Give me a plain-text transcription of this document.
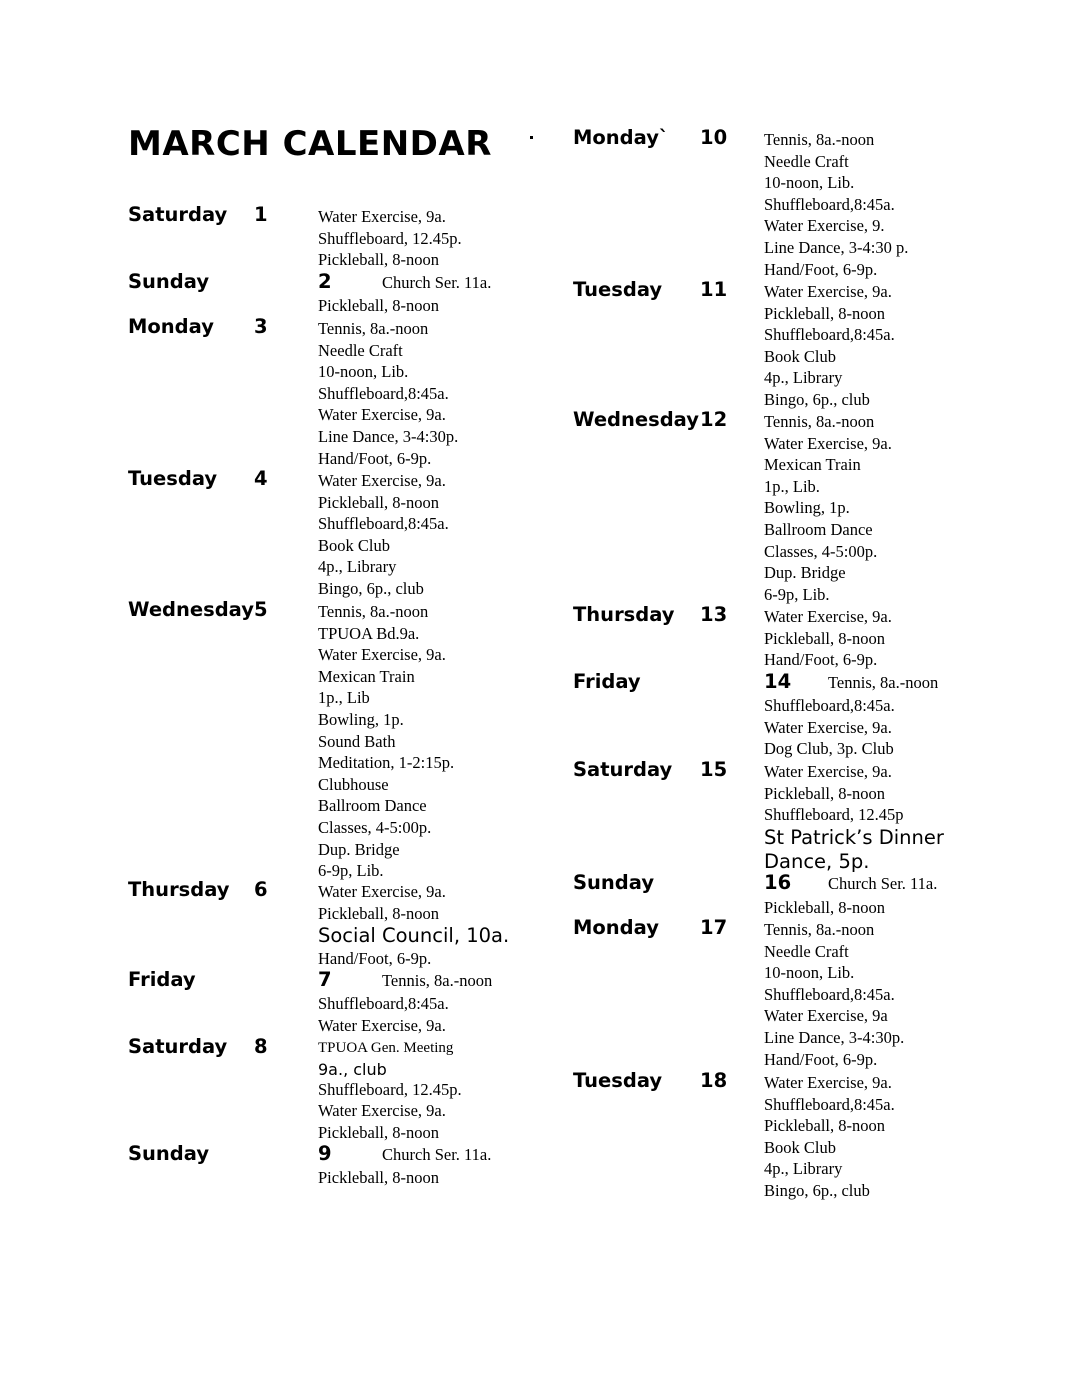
MARCH CALENDAR
Saturday 1	Water Exercise, 9a.
Shuffleboard, 12.45p.
Pickleball, 8-noon
Sunday	2	Church Ser. 11a.
Pickleball, 8-noon
Monday 3	Tennis, 8a.-noon
Needle Craft
10-noon, Lib.
Shuffleboard,8:45a.
Water Exercise, 9a.
Line Dance, 3-4:30p.
Hand/Foot, 6-9p.
Tuesday 4	Water Exercise, 9a.
Pickleball, 8-noon
Shuffleboard,8:45a.
Book Club
4p., Library
Bingo, 6p., club
Wednesday 5	Tennis, 8a.-noon
TPUOA Bd.9a.
Water Exercise, 9a.
Mexican Train
1p., Lib
Bowling, 1p.
Sound Bath
Meditation, 1-2:15p.
Clubhouse
Ballroom Dance
Classes, 4-5:00p.
Dup. Bridge
6-9p, Lib.
Thursday 6	Water Exercise, 9a.
Pickleball, 8-noon
Social Council, 10a.
Hand/Foot, 6-9p.
Friday	7	Tennis, 8a.-noon
Shuffleboard,8:45a.
Water Exercise, 9a.
Saturday 8	TPUOA Gen. Meeting
9a., club
Shuffleboard, 12.45p.
Water Exercise, 9a.
Pickleball, 8-noon
Sunday	9	Church Ser. 11a.
Pickleball, 8-noon
Monday` 10 Tennis, 8a.-noon
Needle Craft
10-noon, Lib.
Shuffleboard,8:45a.
Water Exercise, 9.
Line Dance, 3-4:30 p.
Hand/Foot, 6-9p.
Tuesday 11 Water Exercise, 9a.
Pickleball, 8-noon
Shuffleboard,8:45a.
Book Club
4p., Library
Bingo, 6p., club
Wednesday 12 Tennis, 8a.-noon
Water Exercise, 9a.
Mexican Train
1p., Lib.
Bowling, 1p.
Ballroom Dance
Classes, 4-5:00p.
Dup. Bridge
6-9p, Lib.
Thursday 13 Water Exercise, 9a.
Pickleball, 8-noon
Hand/Foot, 6-9p.
Friday	14 Tennis, 8a.-noon
Shuffleboard,8:45a.
Water Exercise, 9a.
Dog Club, 3p. Club
Saturday 15 Water Exercise, 9a.
Pickleball, 8-noon
Shuffleboard, 12.45p
St Patrick’s Dinner
Dance, 5p.
Sunday	16 Church Ser. 11a.
Pickleball, 8-noon
Monday 17 Tennis, 8a.-noon
Needle Craft
10-noon, Lib.
Shuffleboard,8:45a.
Water Exercise, 9a
Line Dance, 3-4:30p.
Hand/Foot, 6-9p.
Tuesday 18 Water Exercise, 9a.
Shuffleboard,8:45a.
Pickleball, 8-noon
Book Club
4p., Library
Bingo, 6p., club
